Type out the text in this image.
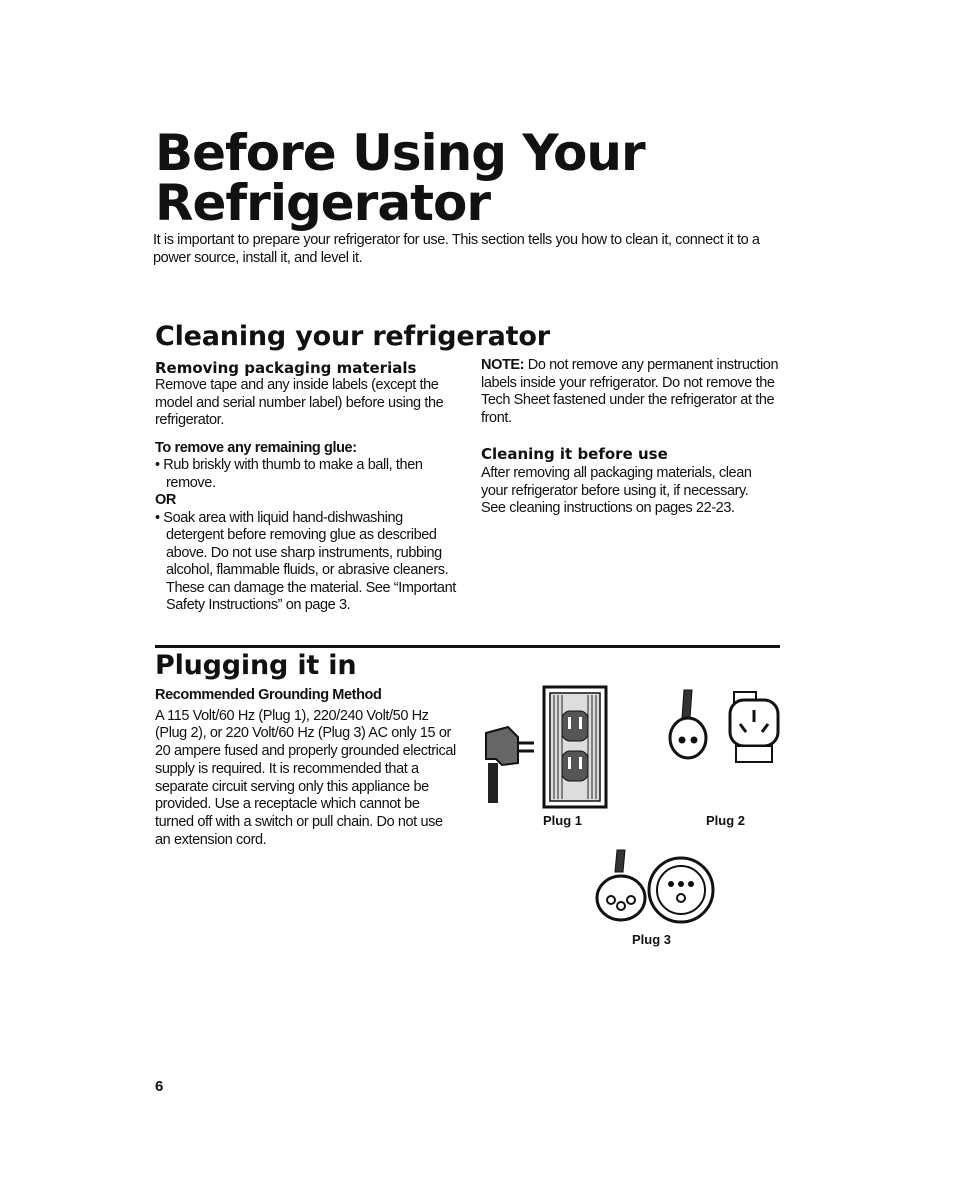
Before Using Your Refrigerator

It is important to prepare your refrigerator for use. This section tells you how to clean it, connect it to a power source, install it, and level it.

Cleaning your refrigerator
Removing packaging materials

Remove tape and any inside labels (except the model and serial number label) before using the refrigerator.

To remove any remaining glue:

• Rub briskly with thumb to make a ball, then remove.

OR

• Soak area with liquid hand-dishwashing detergent before removing glue as described above. Do not use sharp instruments, rubbing alcohol, flammable fluids, or abrasive cleaners. These can damage the material. See “Important Safety Instructions” on page 3.

NOTE: Do not remove any permanent instruction labels inside your refrigerator. Do not remove the Tech Sheet fastened under the refrigerator at the front.

Cleaning it before use

After removing all packaging materials, clean your refrigerator before using it, if necessary. See cleaning instructions on pages 22-23.

Plugging it in

Recommended Grounding Method

A 115 Volt/60 Hz (Plug 1), 220/240 Volt/50 Hz (Plug 2), or 220 Volt/60 Hz (Plug 3) AC only 15 or 20 ampere fused and properly grounded electrical supply is required. It is recommended that a separate circuit serving only this appliance be provided. Use a receptacle which cannot be turned off with a switch or pull chain. Do not use an extension cord.

Plug 1	Plug 2
Plug 3
6
